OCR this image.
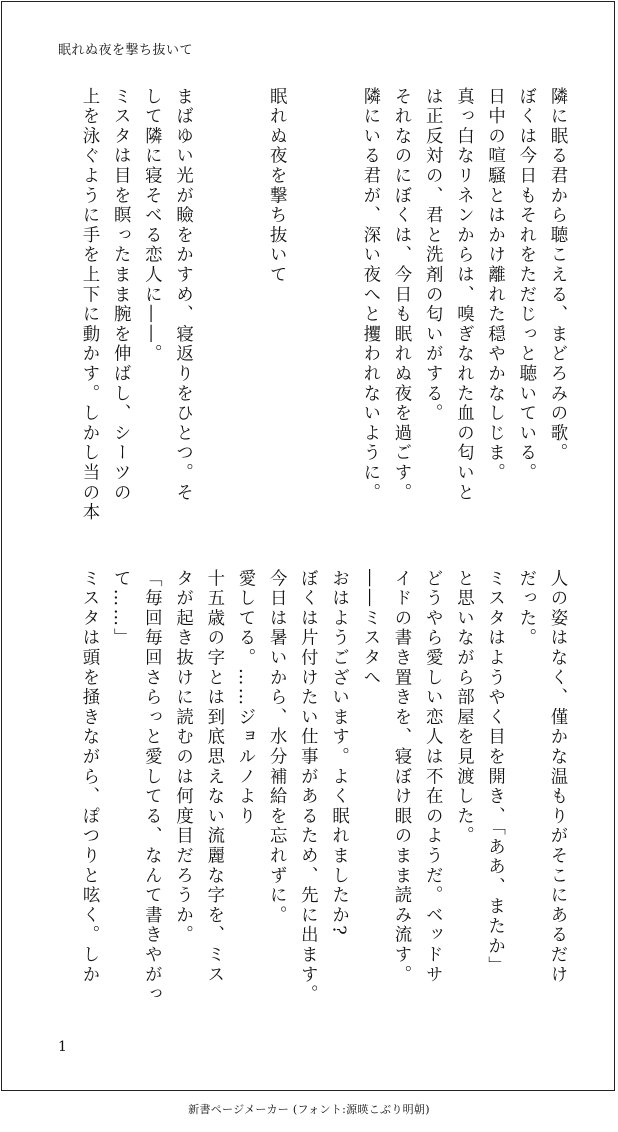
眠れぬ夜を撃ち抜いて
隣に眠る君から聴こえる、まどろみの歌。
ぼくは今日もそれをただじっと聴いている。
日中の喧騒とはかけ離れた穏やかなしじま。
真っ白なリネンからは、嗅ぎなれた血の匂いと
は正反対の、君と洗剤の匂いがする。
それなのにぼくは、今日も眠れぬ夜を過ごす。
隣にいる君が、深い夜へと攫われないように。
眠れぬ夜を撃ち抜いて
まばゆい光が瞼をかすめ、寝返りをひとつ。そ
して隣に寝そべる恋人に――。
ミスタは目を瞑ったまま腕を伸ばし、シーツの
上を泳ぐように手を上下に動かす。しかし当の本
人の姿はなく、僅かな温もりがそこにあるだけ
だった。
ミスタはようやく目を開き、「ああ、またか」
と思いながら部屋を見渡した。
どうやら愛しい恋人は不在のようだ。ベッドサ
イドの書き置きを、寝ぼけ眼のまま読み流す。
――ミスタへ
おはようございます。よく眠れましたか?
ぼくは片付けたい仕事があるため、先に出ます。
今日は暑いから、水分補給を忘れずに。
愛してる。……ジョルノより
十五歳の字とは到底思えない流麗な字を、ミス
タが起き抜けに読むのは何度目だろうか。
「毎回毎回さらっと愛してる、なんて書きやがっ
て……」
ミスタは頭を掻きながら、ぽつりと呟く。しか
1
新書ページメーカー (フォント:源暎こぶり明朝)
